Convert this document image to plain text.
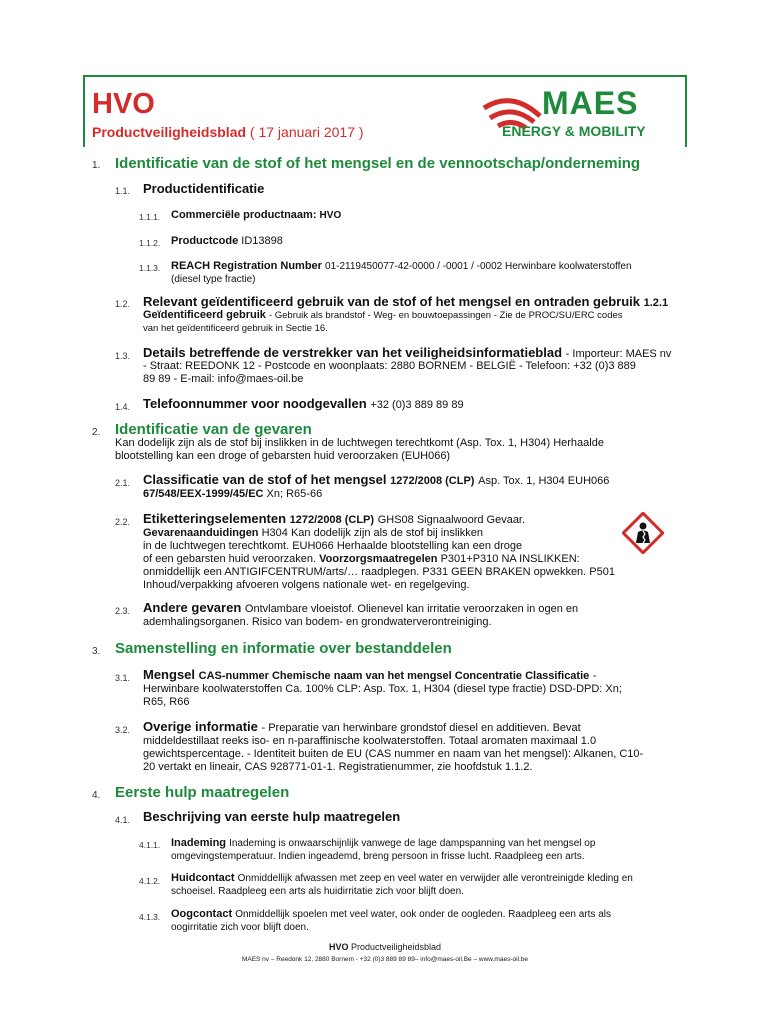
HVO
Productveiligheidsblad ( 17 januari 2017 )
MAES
ENERGY & MOBILITY
1. Identificatie van de stof of het mengsel en de vennootschap/onderneming
1.1. Productidentificatie
1.1.1. Commerciële productnaam: HVO
1.1.2. Productcode ID13898
1.1.3. REACH Registration Number 01-2119450077-42-0000 / -0001 / -0002 Herwinbare koolwaterstoffen
(diesel type fractie)
1.2. Relevant geïdentificeerd gebruik van de stof of het mengsel en ontraden gebruik 1.2.1
Geïdentificeerd gebruik - Gebruik als brandstof - Weg- en bouwtoepassingen - Zie de PROC/SU/ERC codes
van het geïdentificeerd gebruik in Sectie 16.
1.3. Details betreffende de verstrekker van het veiligheidsinformatieblad - Importeur: MAES nv
- Straat: REEDONK 12 - Postcode en woonplaats: 2880 BORNEM - BELGIË - Telefoon: +32 (0)3 889
89 89 - E-mail: info@maes-oil.be
1.4. Telefoonnummer voor noodgevallen +32 (0)3 889 89 89
2. Identificatie van de gevaren
Kan dodelijk zijn als de stof bij inslikken in de luchtwegen terechtkomt (Asp. Tox. 1, H304) Herhaalde
blootstelling kan een droge of gebarsten huid veroorzaken (EUH066)
2.1. Classificatie van de stof of het mengsel 1272/2008 (CLP) Asp. Tox. 1, H304 EUH066
67/548/EEX-1999/45/EC Xn; R65-66
2.2. Etiketteringselementen 1272/2008 (CLP) GHS08 Signaalwoord Gevaar.
Gevarenaanduidingen H304 Kan dodelijk zijn als de stof bij inslikken
in de luchtwegen terechtkomt. EUH066 Herhaalde blootstelling kan een droge
of een gebarsten huid veroorzaken. Voorzorgsmaatregelen P301+P310 NA INSLIKKEN:
onmiddellijk een ANTIGIFCENTRUM/arts/… raadplegen. P331 GEEN BRAKEN opwekken. P501
Inhoud/verpakking afvoeren volgens nationale wet- en regelgeving.
2.3. Andere gevaren Ontvlambare vloeistof. Olienevel kan irritatie veroorzaken in ogen en
ademhalingsorganen. Risico van bodem- en grondwaterverontreiniging.
3. Samenstelling en informatie over bestanddelen
3.1. Mengsel CAS-nummer Chemische naam van het mengsel Concentratie Classificatie -
Herwinbare koolwaterstoffen Ca. 100% CLP: Asp. Tox. 1, H304 (diesel type fractie) DSD-DPD: Xn;
R65, R66
3.2. Overige informatie - Preparatie van herwinbare grondstof diesel en additieven. Bevat
middeldestillaat reeks iso- en n-paraffinische koolwaterstoffen. Totaal aromaten maximaal 1.0
gewichtspercentage. - Identiteit buiten de EU (CAS nummer en naam van het mengsel): Alkanen, C10-
20 vertakt en lineair, CAS 928771-01-1. Registratienummer, zie hoofdstuk 1.1.2.
4. Eerste hulp maatregelen
4.1. Beschrijving van eerste hulp maatregelen
4.1.1. Inademing Inademing is onwaarschijnlijk vanwege de lage dampspanning van het mengsel op
omgevingstemperatuur. Indien ingeademd, breng persoon in frisse lucht. Raadpleeg een arts.
4.1.2. Huidcontact Onmiddellijk afwassen met zeep en veel water en verwijder alle verontreinigde kleding en
schoeisel. Raadpleeg een arts als huidirritatie zich voor blijft doen.
4.1.3. Oogcontact Onmiddellijk spoelen met veel water, ook onder de oogleden. Raadpleeg een arts als
oogirritatie zich voor blijft doen.
HVO Productveiligheidsblad
MAES nv – Reedonk 12, 2880 Bornem - +32 (0)3 889 89 89– info@maes-oil.Be – www.maes-oil.be
